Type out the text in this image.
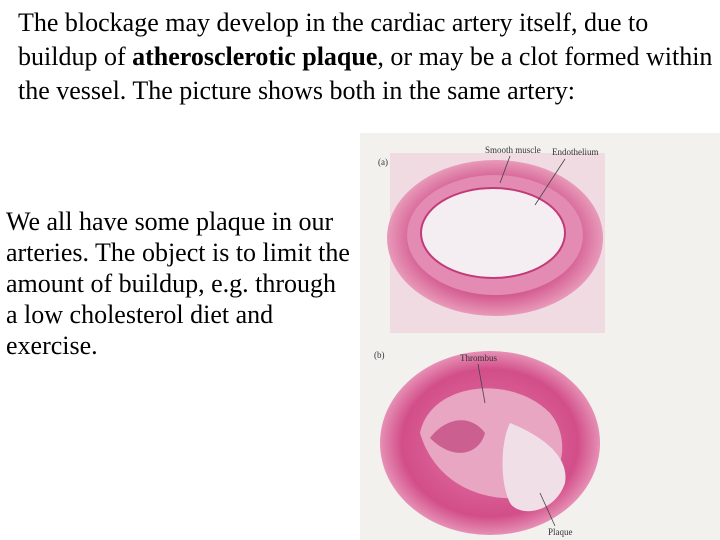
The blockage may develop in the cardiac artery itself, due to buildup of atherosclerotic plaque, or may be a clot formed within the vessel. The picture shows both in the same artery:

We all have some plaque in our arteries. The object is to limit the amount of buildup, e.g. through a low cholesterol diet and exercise.

(a)
Smooth muscle Endothelium
(b)	Thrombus
Plaque
